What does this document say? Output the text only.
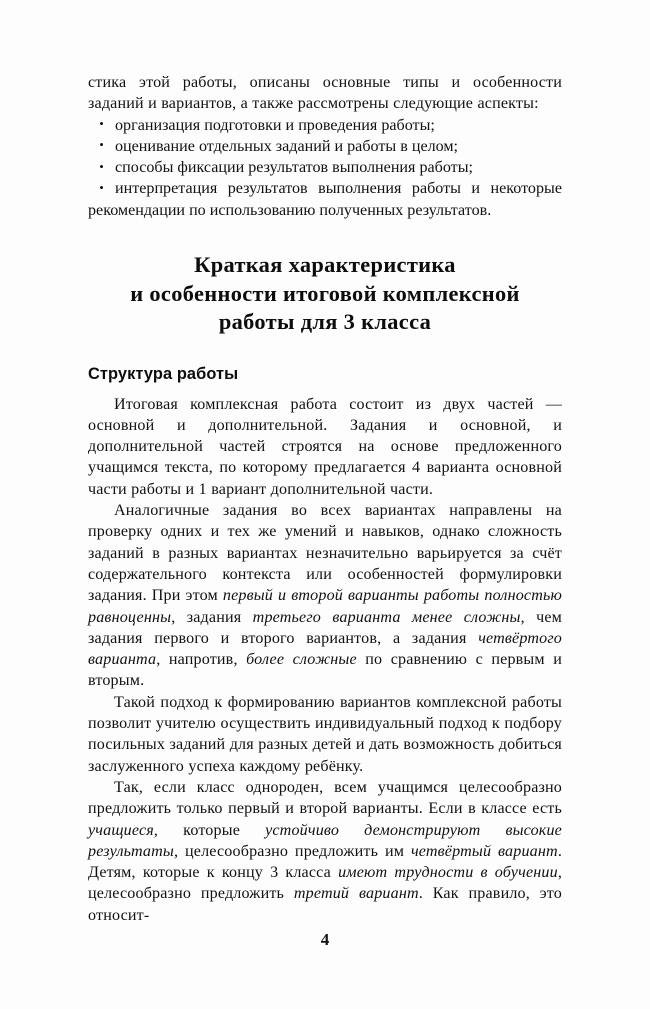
стика этой работы, описаны основные типы и особенности заданий и вариантов, а также рассмотрены следующие аспекты:

• организация подготовки и проведения работы;
• оценивание отдельных заданий и работы в целом;
• способы фиксации результатов выполнения работы;
• интерпретация результатов выполнения работы и некоторые рекомендации по использованию полученных результатов.
Краткая характеристика
и особенности итоговой комплексной
работы для 3 класса
Структура работы

Итоговая комплексная работа состоит из двух частей — основной и дополнительной. Задания и основной, и дополнительной частей строятся на основе предложенного учащимся текста, по которому предлагается 4 варианта основной части работы и 1 вариант дополнительной части.

Аналогичные задания во всех вариантах направлены на проверку одних и тех же умений и навыков, однако сложность заданий в разных вариантах незначительно варьируется за счёт содержательного контекста или особенностей формулировки задания. При этом первый и второй варианты работы полностью равноценны, задания третьего варианта менее сложны, чем задания первого и второго вариантов, а задания четвёртого варианта, напротив, более сложные по сравнению с первым и вторым.

Такой подход к формированию вариантов комплексной работы позволит учителю осуществить индивидуальный подход к подбору посильных заданий для разных детей и дать возможность добиться заслуженного успеха каждому ребёнку.

Так, если класс однороден, всем учащимся целесообразно предложить только первый и второй варианты. Если в классе есть учащиеся, которые устойчиво демонстрируют высокие результаты, целесообразно предложить им четвёртый вариант. Детям, которые к концу 3 класса имеют трудности в обучении, целесообразно предложить третий вариант. Как правило, это относит-

4
